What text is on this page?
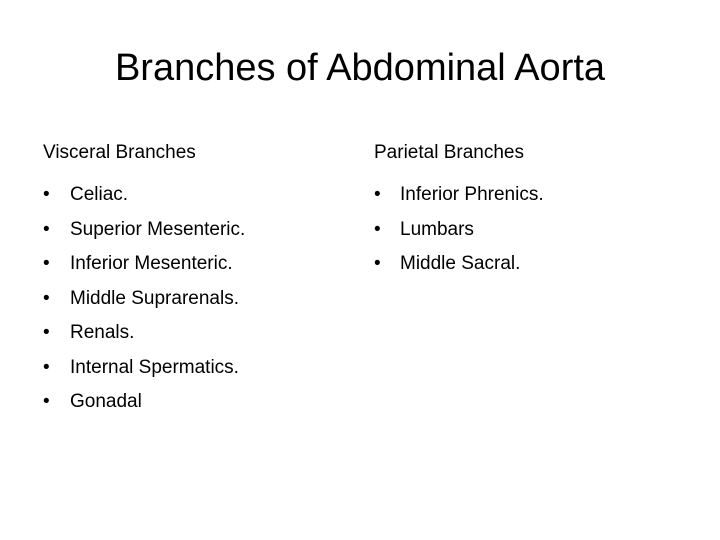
Branches of Abdominal Aorta
Visceral Branches
• Celiac.
• Superior Mesenteric.
• Inferior Mesenteric.
• Middle Suprarenals.
• Renals.
• Internal Spermatics.
• Gonadal
Parietal Branches
• Inferior Phrenics.
• Lumbars
• Middle Sacral.
